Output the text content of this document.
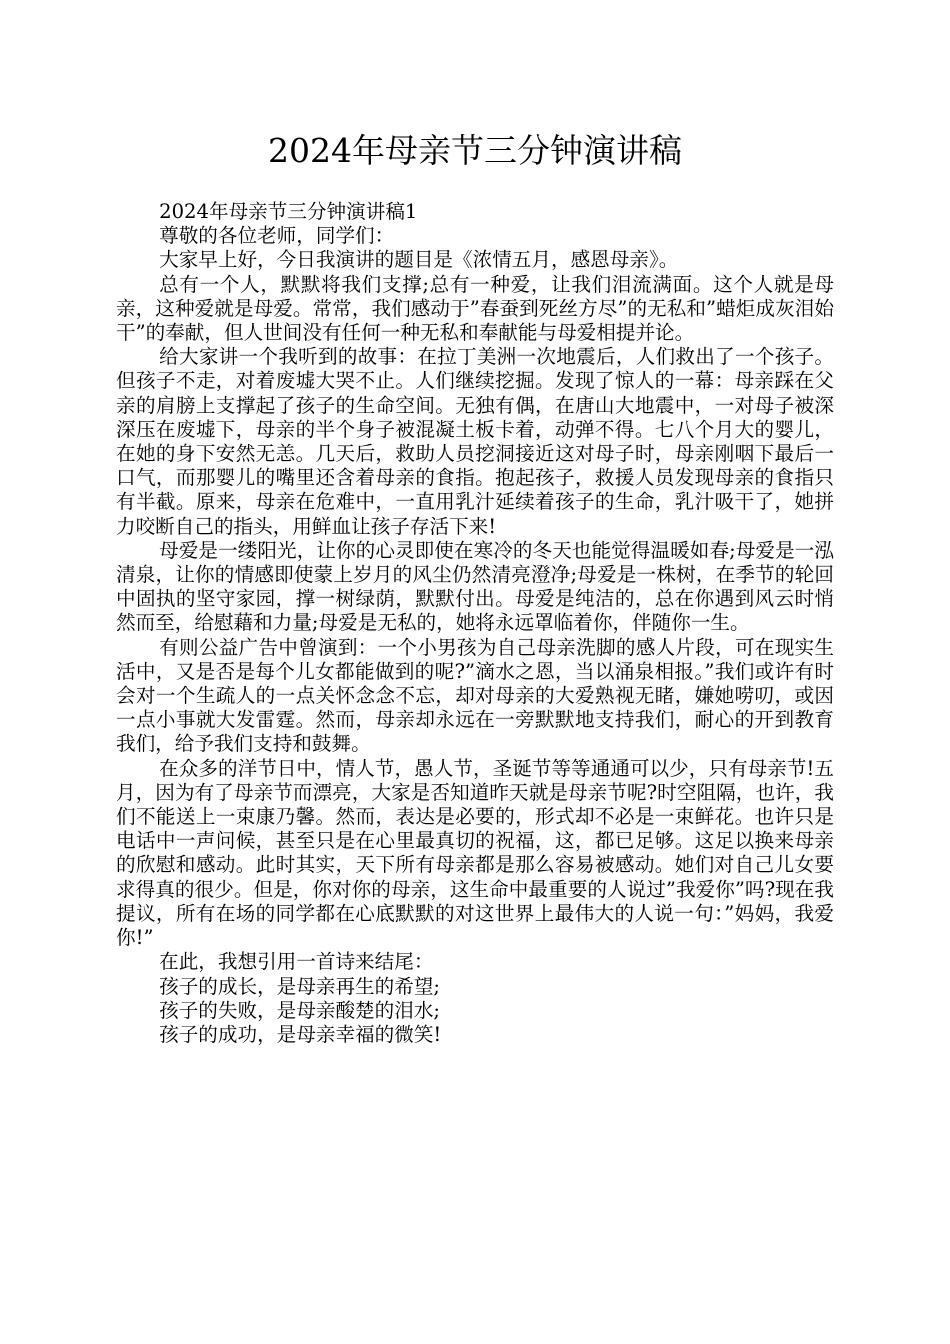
2024年母亲节三分钟演讲稿

2024年母亲节三分钟演讲稿1

尊敬的各位老师，同学们：

大家早上好，今日我演讲的题目是《浓情五月，感恩母亲》。

总有一个人，默默将我们支撑;总有一种爱，让我们泪流满面。这个人就是母亲，这种爱就是母爱。常常，我们感动于”春蚕到死丝方尽”的无私和”蜡炬成灰泪始干”的奉献，但人世间没有任何一种无私和奉献能与母爱相提并论。

给大家讲一个我听到的故事：在拉丁美洲一次地震后，人们救出了一个孩子。但孩子不走，对着废墟大哭不止。人们继续挖掘。发现了惊人的一幕：母亲踩在父亲的肩膀上支撑起了孩子的生命空间。无独有偶，在唐山大地震中，一对母子被深深压在废墟下，母亲的半个身子被混凝土板卡着，动弹不得。七八个月大的婴儿，在她的身下安然无恙。几天后，救助人员挖洞接近这对母子时，母亲刚咽下最后一口气，而那婴儿的嘴里还含着母亲的食指。抱起孩子，救援人员发现母亲的食指只有半截。原来，母亲在危难中，一直用乳汁延续着孩子的生命，乳汁吸干了，她拼力咬断自己的指头，用鲜血让孩子存活下来!

母爱是一缕阳光，让你的心灵即使在寒冷的冬天也能觉得温暖如春;母爱是一泓清泉，让你的情感即使蒙上岁月的风尘仍然清亮澄净;母爱是一株树，在季节的轮回中固执的坚守家园，撑一树绿荫，默默付出。母爱是纯洁的，总在你遇到风云时悄然而至，给慰藉和力量;母爱是无私的，她将永远罩临着你，伴随你一生。

有则公益广告中曾演到：一个小男孩为自己母亲洗脚的感人片段，可在现实生活中，又是否是每个儿女都能做到的呢?”滴水之恩，当以涌泉相报。”我们或许有时会对一个生疏人的一点关怀念念不忘，却对母亲的大爱熟视无睹，嫌她唠叨，或因一点小事就大发雷霆。然而，母亲却永远在一旁默默地支持我们，耐心的开到教育我们，给予我们支持和鼓舞。

在众多的洋节日中，情人节，愚人节，圣诞节等等通通可以少，只有母亲节!五月，因为有了母亲节而漂亮，大家是否知道昨天就是母亲节呢?时空阻隔，也许，我们不能送上一束康乃馨。然而，表达是必要的，形式却不必是一束鲜花。也许只是电话中一声问候，甚至只是在心里最真切的祝福，这，都已足够。这足以换来母亲的欣慰和感动。此时其实，天下所有母亲都是那么容易被感动。她们对自己儿女要求得真的很少。但是，你对你的母亲，这生命中最重要的人说过”我爱你”吗?现在我提议，所有在场的同学都在心底默默的对这世界上最伟大的人说一句：”妈妈，我爱你!”

在此，我想引用一首诗来结尾：

孩子的成长，是母亲再生的希望;

孩子的失败，是母亲酸楚的泪水;

孩子的成功，是母亲幸福的微笑!
